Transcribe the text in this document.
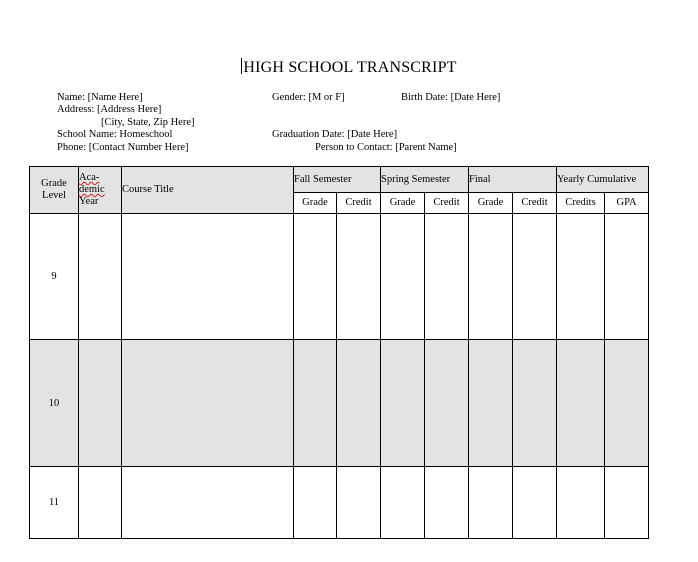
HIGH SCHOOL TRANSCRIPT
Name: [Name Here]	Gender: [M or F]	Birth Date: [Date Here]
Address: [Address Here]
[City, State, Zip Here]
School Name: Homeschool	Graduation Date: [Date Here]
Phone: [Contact Number Here]	Person to Contact: [Parent Name]
Grade Level	Aca-
demic
Year	Course Title	Fall Semester		Spring Semester		Final		Yearly Cumulative	
			Grade	Credit	Grade	Credit	Grade	Credit	Credits	GPA
9										
10										
11										
